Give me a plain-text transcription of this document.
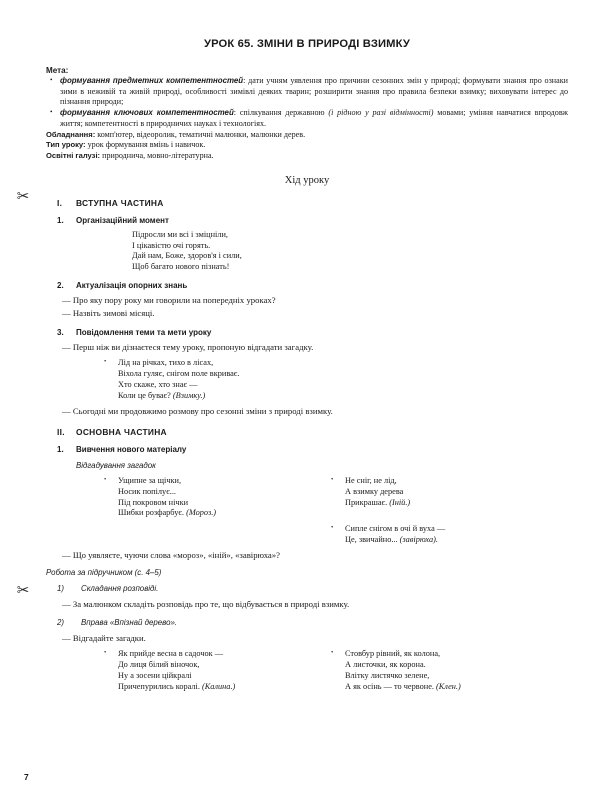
✂
✂
УРОК 65. ЗМІНИ В ПРИРОДІ ВЗИМКУ
Мета:
• формування предметних компетентностей: дати учням уявлення про причини сезонних змін у природі; формувати знання про ознаки зими в неживій та живій природі, особливості зимівлі деяких тварин; розширити знання про правила безпеки взимку; виховувати інтерес до пізнання природи;
• формування ключових компетентностей: спілкування державною (і рідною у разі відмінності) мовами; уміння навчатися впродовж життя; компетентності в природничих науках і технологіях.

Обладнання: комп'ютер, відеоролик, тематичні малюнки, малюнки дерев.

Тип уроку: урок формування вмінь і навичок.

Освітні галузі: природнича, мовно-літературна.

Хід уроку
I.	ВСТУПНА ЧАСТИНА
1.	Організаційний момент
Підросли ми всі і зміцніли,
І цікавістю очі горять.
Дай нам, Боже, здоров'я і сили,
Щоб багато нового пізнать!
2.	Актуалізація опорних знань

— Про яку пору року ми говорили на попередніх уроках?

— Назвіть зимові місяці.

3.	Повідомлення теми та мети уроку

— Перш ніж ви дізнаєтеся тему уроку, пропоную відгадати загадку.

• Лід на річках, тихо в лісах,
Віхола гуляє, снігом поле вкриває.
Хто скаже, хто знає —
Коли це буває? (Взимку.)

— Сьогодні ми продовжимо розмову про сезонні зміни з природі взимку.

II.	ОСНОВНА ЧАСТИНА
1.	Вивчення нового матеріалу
Відгадування загадок
• Ущипне за щічки,
Носик попілує...
Під покровом нічки
Шибки розфарбує. (Мороз.)
• Не сніг, не лід,
А взимку дерева
Прикрашає. (Іній.)
• Сипле снігом в очі й вуха —
Це, звичайно... (завірюха).

— Що уявляєте, чуючи слова «мороз», «іній», «завірюха»?

Робота за підручником (с. 4–5)
1)	Складання розповіді.

— За малюнком складіть розповідь про те, що відбувається в природі взимку.

2)	Вправа «Впізнай дерево».

— Відгадайте загадки.

• Як прийде весна в садочок —
До лиця білий віночок,
Ну а зосени ційкралі
Причепурились коралі. (Калина.)
• Стовбур рівний, як колона,
А листочки, як корона.
Влітку листячко зелене,
А як осінь — то червоне. (Клен.)
7
